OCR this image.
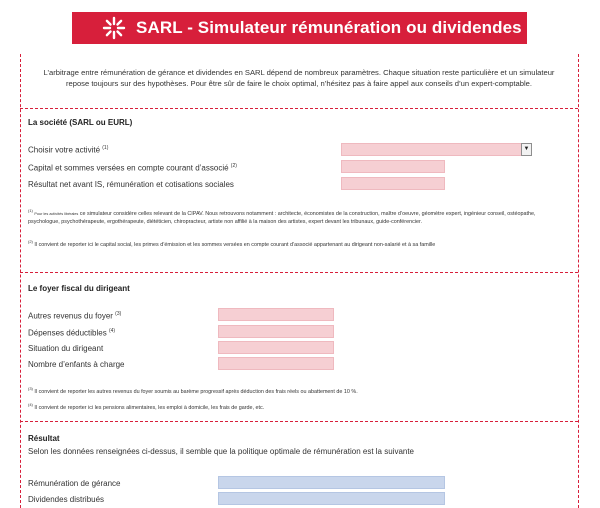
SARL - Simulateur rémunération ou dividendes
L’arbitrage entre rémunération de gérance et dividendes en SARL dépend de nombreux paramètres. Chaque situation reste particulière et un simulateur repose toujours sur des hypothèses. Pour être sûr de faire le choix optimal, n’hésitez pas à faire appel aux conseils d’un expert-comptable.
La société (SARL ou EURL)
Choisir votre activité $^{(1)}$	▼
Capital et sommes versées en compte courant d’associé $^{(2)}$
Résultat net avant IS, rémunération et cotisations sociales
$^{(1)}$ Pour les activités libérales ce simulateur considère celles relevant de la CIPAV. Nous retrouvons notamment : architecte, économistes de la construction, maître d’oeuvre, géomètre expert, ingénieur conseil, ostéopathe, psychologue, psychothérapeute, ergothérapeute, diététicien, chiropracteur, artiste non affilié à la maison des artistes, expert devant les tribunaux, guide-conférencier.
$^{(2)}$ Il convient de reporter ici le capital social, les primes d’émission et les sommes versées en compte courant d’associé appartenant au dirigeant non-salarié et à sa famille
Le foyer fiscal du dirigeant
Autres revenus du foyer $^{(3)}$
Dépenses déductibles $^{(4)}$
Situation du dirigeant
Nombre d’enfants à charge
$^{(3)}$ Il convient de reporter les autres revenus du foyer soumis au barème progressif après déduction des frais réels ou abattement de 10 %.
$^{(4)}$ Il convient de reporter ici les pensions alimentaires, les emploi à domicile, les frais de garde, etc.
Résultat
Selon les données renseignées ci-dessus, il semble que la politique optimale de rémunération est la suivante
Rémunération de gérance
Dividendes distribués
